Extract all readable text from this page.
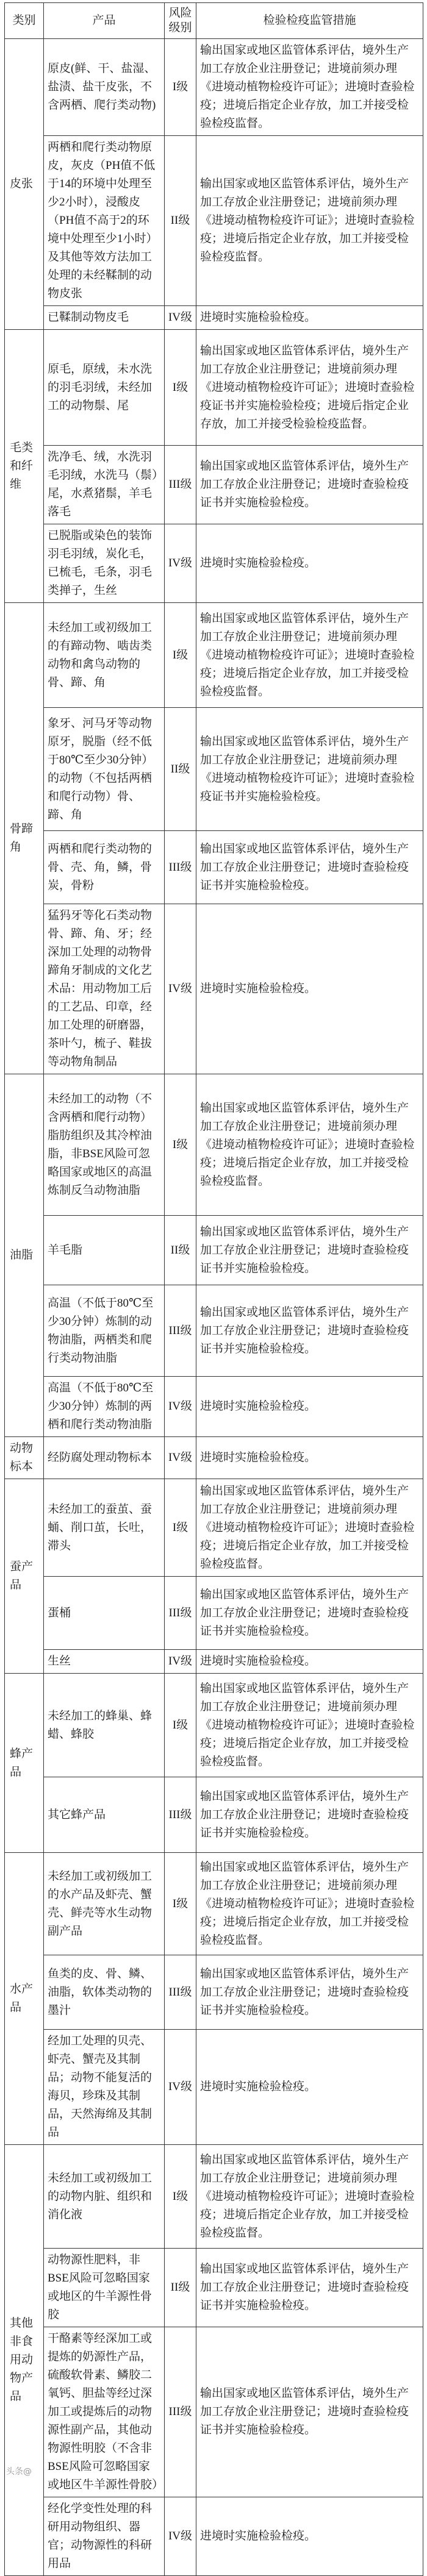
类别	产品	风险级别	检验检疫监管措施
皮张	原皮(鲜、干、盐湿、盐渍、盐干皮张，不含两栖、爬行类动物)	I级	输出国家或地区监管体系评估，境外生产加工存放企业注册登记；进境前须办理《进境动植物检疫许可证》；进境时查验检疫；进境后指定企业存放，加工并接受检验检疫监督。
	两栖和爬行类动物原皮，灰皮（PH值不低于14的环境中处理至少2小时），浸酸皮（PH值不高于2的环境中处理至少1小时）及其他等效方法加工处理的未经鞣制的动物皮张	II级	输出国家或地区监管体系评估，境外生产加工存放企业注册登记；进境前须办理《进境动植物检疫许可证》；进境时查验检疫；进境后指定企业存放，加工并接受检验检疫监督。
	已鞣制动物皮毛	IV级	进境时实施检验检疫。
毛类和纤维	原毛，原绒，未水洗的羽毛羽绒，未经加工的动物鬃、尾	I级	输出国家或地区监管体系评估，境外生产加工存放企业注册登记；进境前须办理《进境动植物检疫许可证》；进境时查验检疫证书并实施检验检疫；进境后指定企业存放，加工并接受检验检疫监督。
	洗净毛、绒，水洗羽毛羽绒，水洗马（鬃）尾，水煮猪鬃，羊毛落毛	III级	输出国家或地区监管体系评估，境外生产加工存放企业注册登记；进境时查验检疫证书并实施检验检疫。
	已脱脂或染色的装饰羽毛羽绒，炭化毛，已梳毛，毛条，羽毛类掸子，生丝	IV级	进境时实施检验检疫。
骨蹄角	未经加工或初级加工的有蹄动物、啮齿类动物和禽鸟动物的骨、蹄、角	I级	输出国家或地区监管体系评估，境外生产加工存放企业注册登记；进境前须办理《进境动植物检疫许可证》；进境时查验检疫；进境后指定企业存放，加工并接受检验检疫监督。
	象牙、河马牙等动物原牙，脱脂（经不低于80℃至少30分钟）的动物（不包括两栖和爬行动物）骨、蹄、角	II级	输出国家或地区监管体系评估，境外生产加工存放企业注册登记；进境前须办理《进境动植物检疫许可证》；进境时查验检疫证书并实施检验检疫。
	两栖和爬行类动物的骨、壳、角，鳞，骨炭，骨粉	III级	输出国家或地区监管体系评估，境外生产加工存放企业注册登记；进境时查验检疫证书并实施检验检疫。
	猛犸牙等化石类动物骨、蹄、角、牙；经深加工处理的动物骨蹄角牙制成的文化艺术品：用动物加工后的工艺品、印章，经加工处理的研磨器，茶叶勺，梳子、鞋拔等动物角制品	IV级	进境时实施检验检疫。
油脂	未经加工的动物（不含两栖和爬行动物）脂肪组织及其冷榨油脂，非BSE风险可忽略国家或地区的高温炼制反刍动物油脂	I级	输出国家或地区监管体系评估，境外生产加工存放企业注册登记；进境前须办理《进境动植物检疫许可证》；进境时查验检疫；进境后指定企业存放，加工并接受检验检疫监督。
	羊毛脂	II级	输出国家或地区监管体系评估，境外生产加工存放企业注册登记；进境时查验检疫证书并实施检验检疫。
	高温（不低于80℃至少30分钟）炼制的动物油脂，两栖类和爬行类动物油脂	III级	输出国家或地区监管体系评估，境外生产加工存放企业注册登记；进境时查验检疫证书并实施检验检疫。
	高温（不低于80℃至少30分钟）炼制的两栖和爬行类动物油脂	IV级	进境时实施检验检疫。
动物标本	经防腐处理动物标本	IV级	进境时实施检验检疫。
蚕产品	未经加工的蚕茧、蚕蛹、削口茧，长吐，滞头	I级	输出国家或地区监管体系评估，境外生产加工存放企业注册登记；进境前须办理《进境动植物检疫许可证》；进境时查验检疫；进境后指定企业存放，加工并接受检验检疫监督。
	蛋桶	III级	输出国家或地区监管体系评估，境外生产加工存放企业注册登记；进境时查验检疫证书并实施检验检疫。
	生丝	IV级	进境时实施检验检疫。
蜂产品	未经加工的蜂巢、蜂蜡、蜂胶	I级	输出国家或地区监管体系评估，境外生产加工存放企业注册登记；进境前须办理《进境动植物检疫许可证》；进境时查验检疫；进境后指定企业存放，加工并接受检验检疫监督。
	其它蜂产品	III级	输出国家或地区监管体系评估，境外生产加工存放企业注册登记；进境时查验检疫证书并实施检验检疫。
水产品	未经加工或初级加工的水产品及虾壳、蟹壳、鲜壳等水生动物副产品	I级	输出国家或地区监管体系评估，境外生产加工存放企业注册登记；进境前须办理《进境动植物检疫许可证》；进境时查验检疫；进境后指定企业存放，加工并接受检验检疫监督。
	鱼类的皮、骨、鳞、油脂，软体类动物的墨汁	III级	输出国家或地区监管体系评估，境外生产加工存放企业注册登记；进境时查验检疫证书并实施检验检疫。
	经加工处理的贝壳、虾壳、蟹壳及其制品；动物不能复活的海贝，珍珠及其制品，天然海绵及其制品	IV级	进境时实施检验检疫。
其他非食用动物产品	未经加工或初级加工的动物内脏、组织和消化液	I级	输出国家或地区监管体系评估，境外生产加工存放企业注册登记；进境前须办理《进境动植物检疫许可证》；进境时查验检疫；进境后指定企业存放，加工并接受检验检疫监督。
	动物源性肥料，非BSE风险可忽略国家或地区的牛羊源性骨胶	II级	输出国家或地区监管体系评估，境外生产加工存放企业注册登记；进境时查验检疫证书并实施检验检疫。
	干酪素等经深加工或提炼的奶源性产品，硫酸软骨素、鳞胶二氧钙、胆盐等经过深加工或提炼后的动物源性副产品，其他动物源性明胶（不含非BSE风险可忽略国家或地区牛羊源性骨胶）	III级	输出国家或地区监管体系评估，境外生产加工存放企业注册登记；进境时查验检疫证书并实施检验检疫。
	经化学变性处理的科研用动物组织、器官；动物源性的科研用品	IV级	进境时实施检验检疫。
头条@
